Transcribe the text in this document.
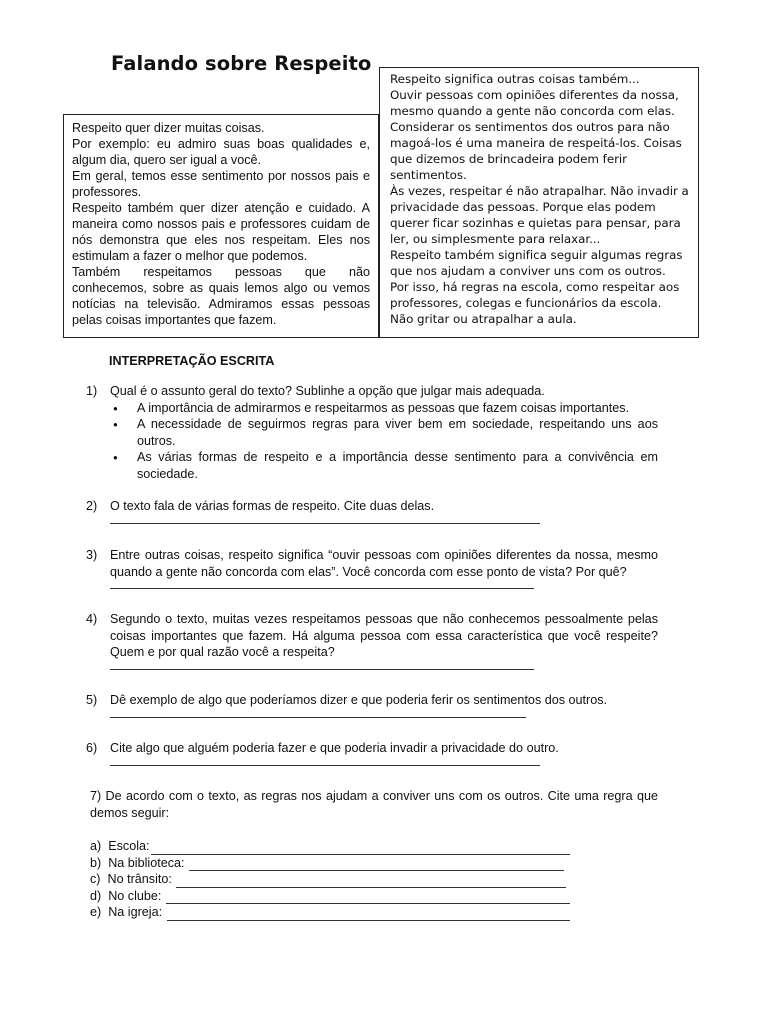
Falando sobre Respeito

Respeito quer dizer muitas coisas.

Por exemplo: eu admiro suas boas qualidades e, algum dia, quero ser igual a você.

Em geral, temos esse sentimento por nossos pais e professores.

Respeito também quer dizer atenção e cuidado. A maneira como nossos pais e professores cuidam de nós demonstra que eles nos respeitam. Eles nos estimulam a fazer o melhor que podemos.

Também respeitamos pessoas que não conhecemos, sobre as quais lemos algo ou vemos notícias na televisão. Admiramos essas pessoas pelas coisas importantes que fazem.

Respeito significa outras coisas também...

Ouvir pessoas com opiniões diferentes da nossa, mesmo quando a gente não concorda com elas.

Considerar os sentimentos dos outros para não magoá-los é uma maneira de respeitá-los. Coisas que dizemos de brincadeira podem ferir sentimentos.

Às vezes, respeitar é não atrapalhar. Não invadir a privacidade das pessoas. Porque elas podem querer ficar sozinhas e quietas para pensar, para ler, ou simplesmente para relaxar...

Respeito também significa seguir algumas regras que nos ajudam a conviver uns com os outros.

Por isso, há regras na escola, como respeitar aos professores, colegas e funcionários da escola.

Não gritar ou atrapalhar a aula.

INTERPRETAÇÃO ESCRITA
1) Qual é o assunto geral do texto? Sublinhe a opção que julgar mais adequada.
● A importância de admirarmos e respeitarmos as pessoas que fazem coisas importantes.
● A necessidade de seguirmos regras para viver bem em sociedade, respeitando uns aos outros.
● As várias formas de respeito e a importância desse sentimento para a convivência em sociedade.
2) O texto fala de várias formas de respeito. Cite duas delas.
3) Entre outras coisas, respeito significa “ouvir pessoas com opiniões diferentes da nossa, mesmo quando a gente não concorda com elas”. Você concorda com esse ponto de vista? Por quê?
4) Segundo o texto, muitas vezes respeitamos pessoas que não conhecemos pessoalmente pelas coisas importantes que fazem. Há alguma pessoa com essa característica que você respeite? Quem e por qual razão você a respeita?
5) Dê exemplo de algo que poderíamos dizer e que poderia ferir os sentimentos dos outros.
6) Cite algo que alguém poderia fazer e que poderia invadir a privacidade do outro.
7) De acordo com o texto, as regras nos ajudam a conviver uns com os outros. Cite uma regra que demos seguir:
a)  Escola:
b)  Na biblioteca:
c)  No trânsito:
d)  No clube:
e)  Na igreja:
